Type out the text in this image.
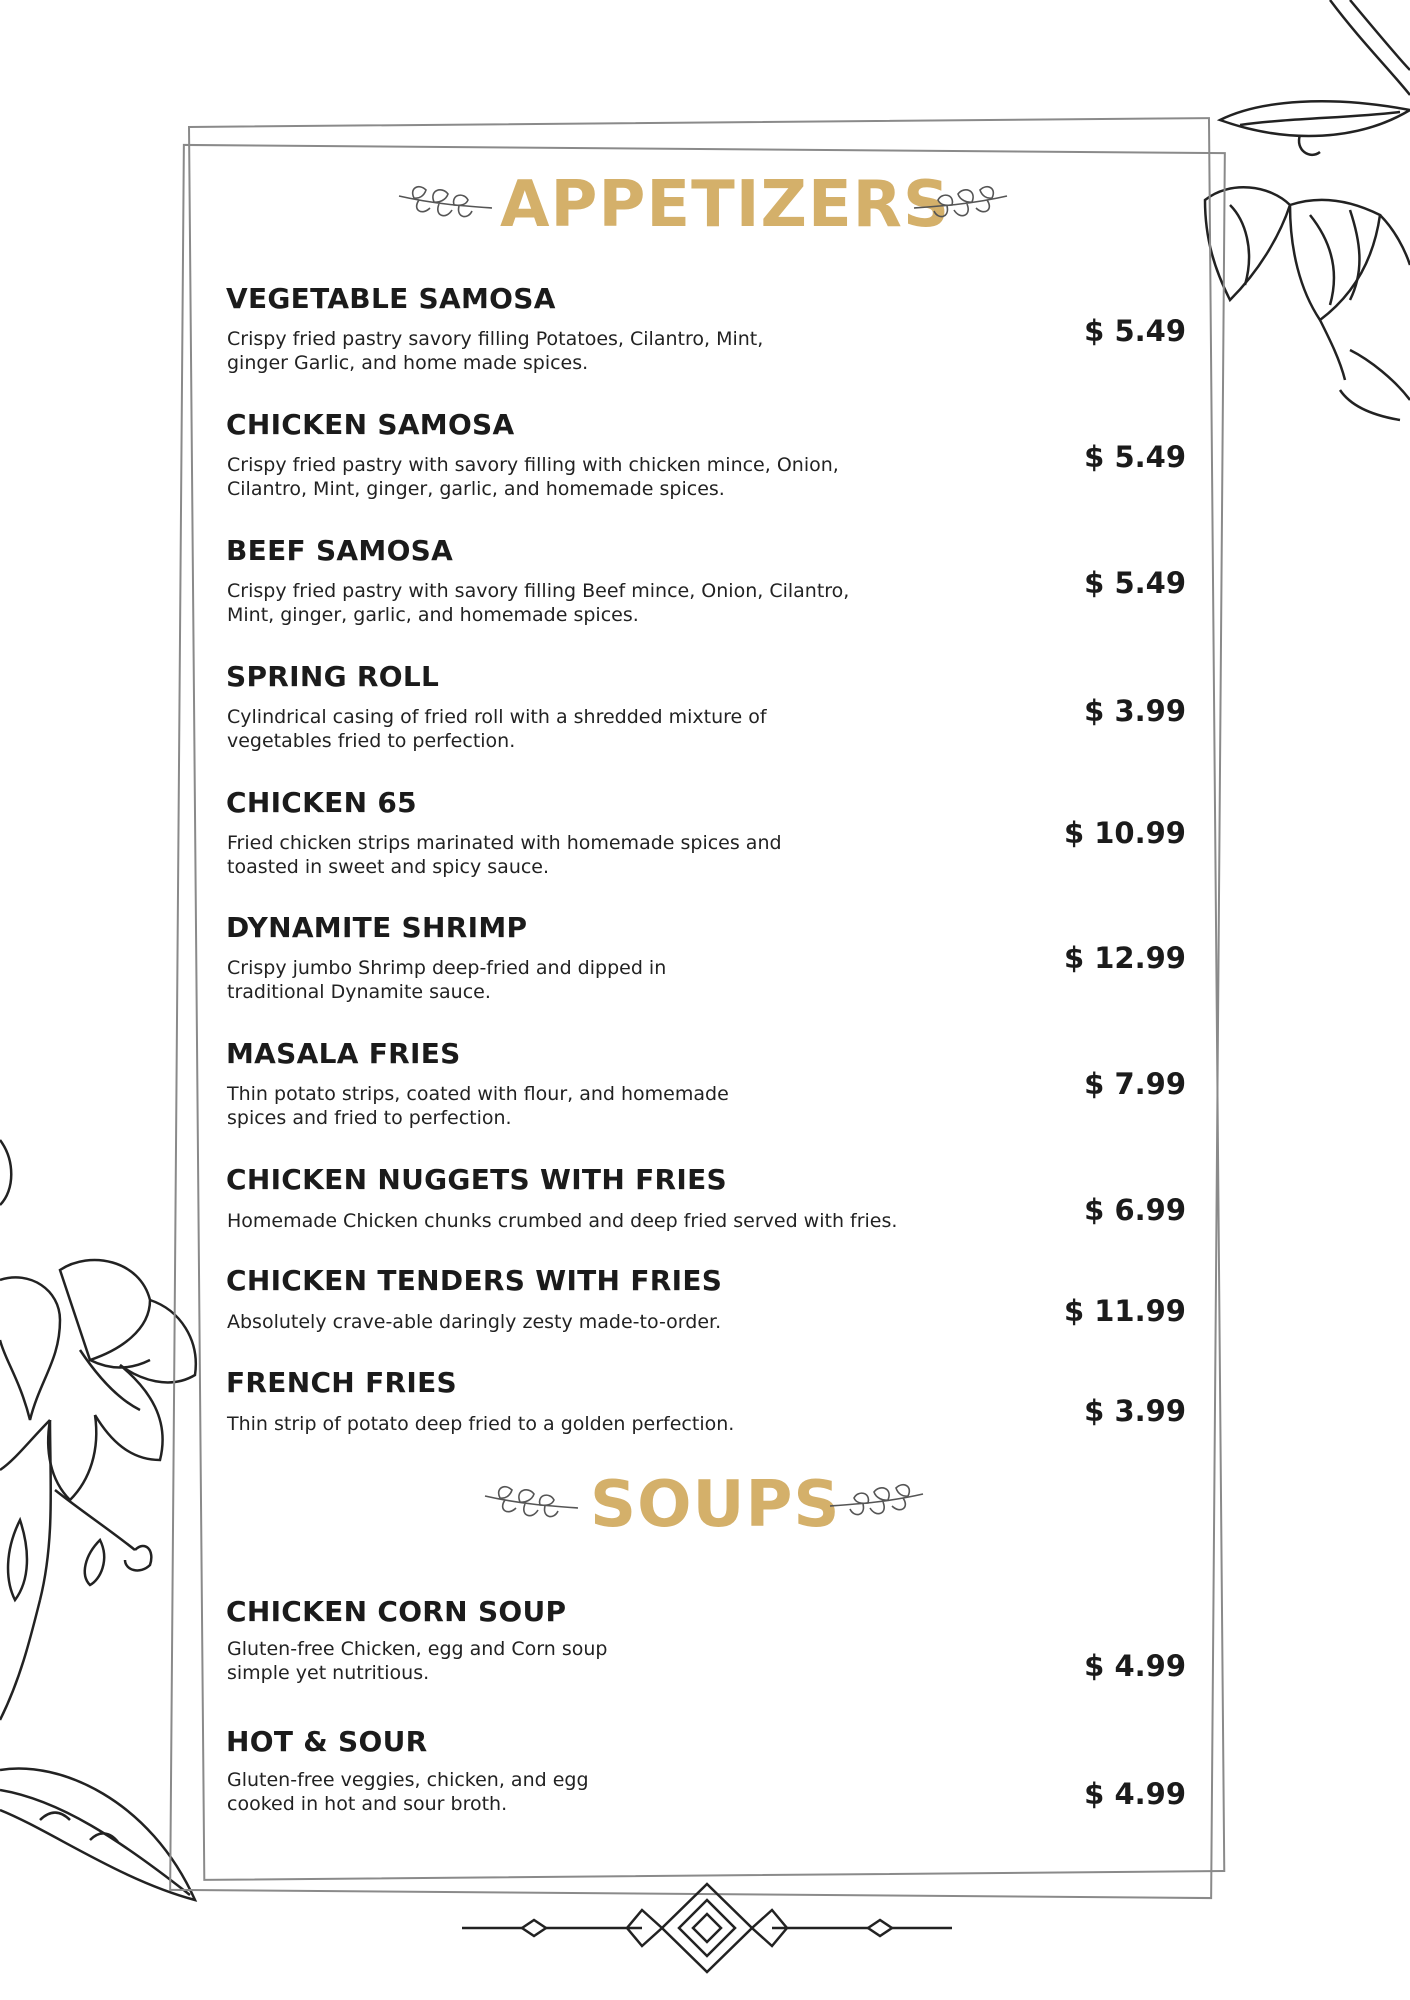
APPETIZERS
VEGETABLE SAMOSA
Crispy fried pastry savory filling Potatoes, Cilantro, Mint,
ginger Garlic, and home made spices.
$ 5.49
CHICKEN SAMOSA
Crispy fried pastry with savory filling with chicken mince, Onion,
Cilantro, Mint, ginger, garlic, and homemade spices.
$ 5.49
BEEF SAMOSA
Crispy fried pastry with savory filling Beef mince, Onion, Cilantro,
Mint, ginger, garlic, and homemade spices.
$ 5.49
SPRING ROLL
Cylindrical casing of fried roll with a shredded mixture of
vegetables fried to perfection.
$ 3.99
CHICKEN 65
Fried chicken strips marinated with homemade spices and
toasted in sweet and spicy sauce.
$ 10.99
DYNAMITE SHRIMP
Crispy jumbo Shrimp deep-fried and dipped in
traditional Dynamite sauce.
$ 12.99
MASALA FRIES
Thin potato strips, coated with flour, and homemade
spices and fried to perfection.
$ 7.99
CHICKEN NUGGETS WITH FRIES
Homemade Chicken chunks crumbed and deep fried served with fries.	$ 6.99
CHICKEN TENDERS WITH FRIES
Absolutely crave-able daringly zesty made-to-order.	$ 11.99
FRENCH FRIES
Thin strip of potato deep fried to a golden perfection.	$ 3.99
SOUPS
CHICKEN CORN SOUP
Gluten-free Chicken, egg and Corn soup
simple yet nutritious.	$ 4.99
HOT & SOUR
Gluten-free veggies, chicken, and egg
cooked in hot and sour broth.	$ 4.99
